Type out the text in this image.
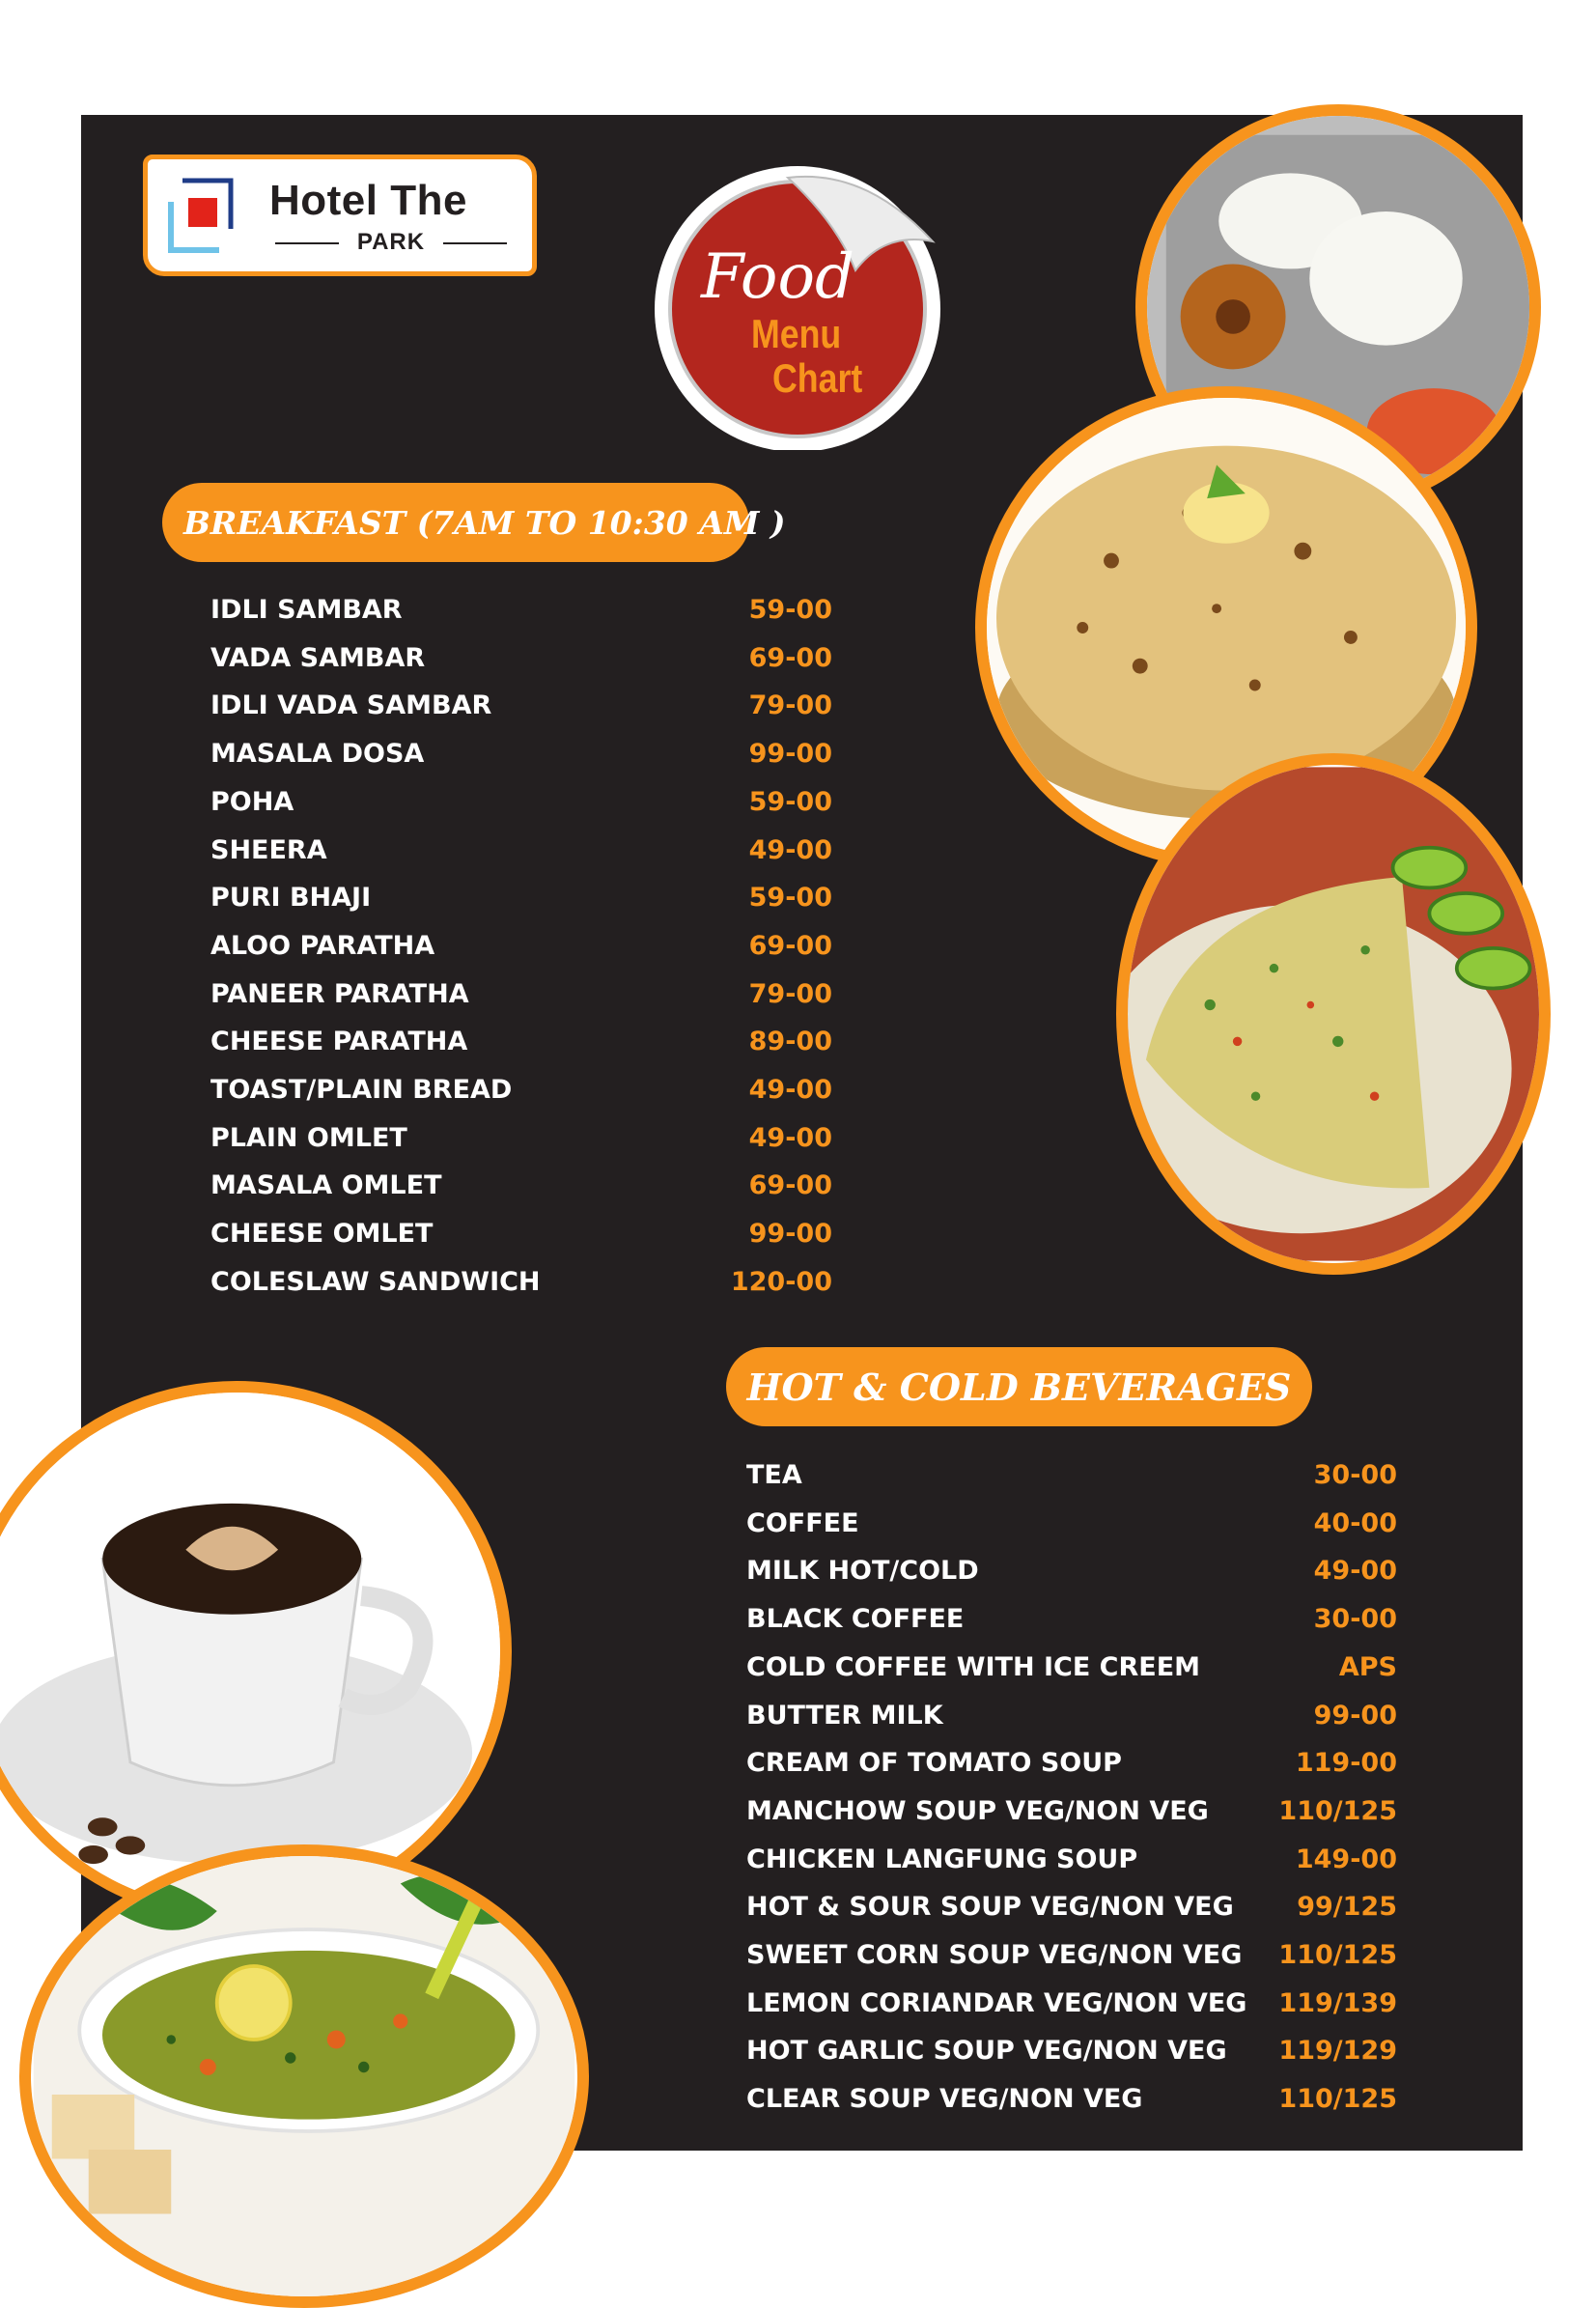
Hotel The
PARK	Food
Menu
Chart
BREAKFAST (7AM TO 10:30 AM )
IDLI SAMBAR	59-00
VADA SAMBAR	69-00
IDLI VADA SAMBAR	79-00
MASALA DOSA	99-00
POHA	59-00
SHEERA	49-00
PURI BHAJI	59-00
ALOO PARATHA	69-00
PANEER PARATHA	79-00
CHEESE PARATHA	89-00
TOAST/PLAIN BREAD	49-00
PLAIN OMLET	49-00
MASALA OMLET	69-00
CHEESE OMLET	99-00
COLESLAW SANDWICH	120-00
HOT & COLD BEVERAGES
TEA	30-00
COFFEE	40-00
MILK HOT/COLD	49-00
BLACK COFFEE	30-00
COLD COFFEE WITH ICE CREEM	APS
BUTTER MILK	99-00
CREAM OF TOMATO SOUP	119-00
MANCHOW SOUP VEG/NON VEG	110/125
CHICKEN LANGFUNG SOUP	149-00
HOT & SOUR SOUP VEG/NON VEG 99/125
SWEET CORN SOUP VEG/NON VEG 110/125
LEMON CORIANDAR VEG/NON VEG 119/139
HOT GARLIC SOUP VEG/NON VEG 119/129
CLEAR SOUP VEG/NON VEG	110/125
